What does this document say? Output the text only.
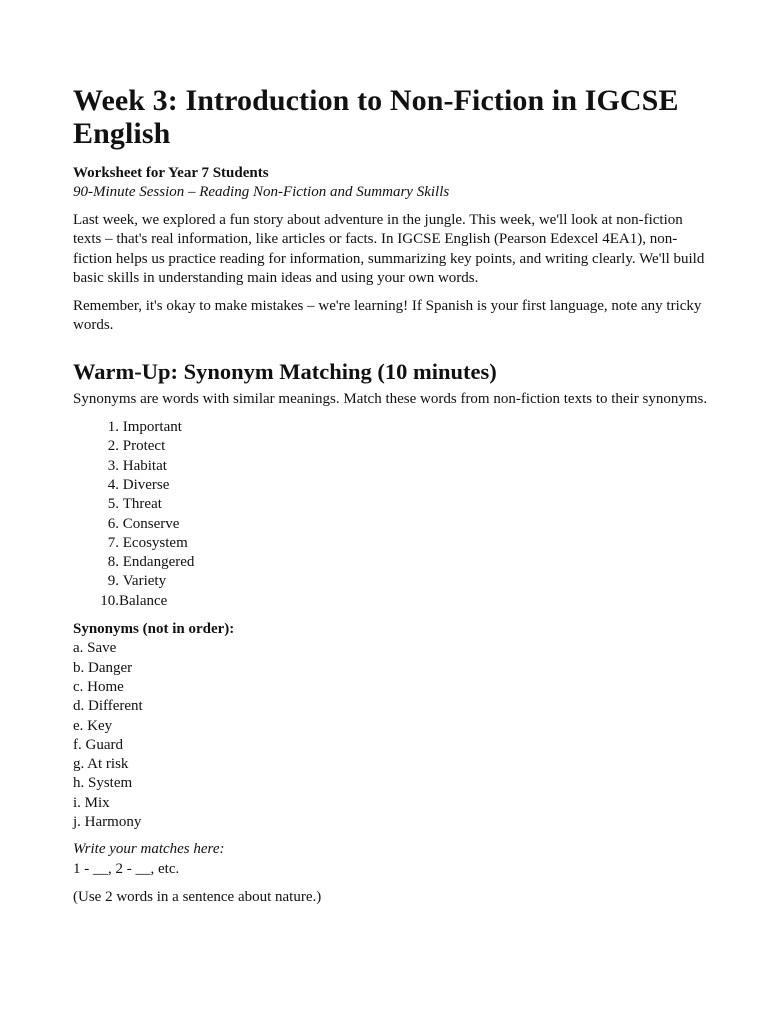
Week 3: Introduction to Non-Fiction in IGCSE English
Worksheet for Year 7 Students
90-Minute Session – Reading Non-Fiction and Summary Skills

Last week, we explored a fun story about adventure in the jungle. This week, we'll look at non-fiction texts – that's real information, like articles or facts. In IGCSE English (Pearson Edexcel 4EA1), non-fiction helps us practice reading for information, summarizing key points, and writing clearly. We'll build basic skills in understanding main ideas and using your own words.

Remember, it's okay to make mistakes – we're learning! If Spanish is your first language, note any tricky words.

Warm-Up: Synonym Matching (10 minutes)

Synonyms are words with similar meanings. Match these words from non-fiction texts to their synonyms.

1.
Important
2.
Protect
3.
Habitat
4.
Diverse
5.
Threat
6.
Conserve
7.
Ecosystem
8.
Endangered
9.
Variety
10. Balance
Synonyms (not in order):
a. Save
b. Danger
c. Home
d. Different
e. Key
f. Guard
g. At risk
h. System
i. Mix
j. Harmony
Write your matches here:
1 - __, 2 - __, etc.
(Use 2 words in a sentence about nature.)
